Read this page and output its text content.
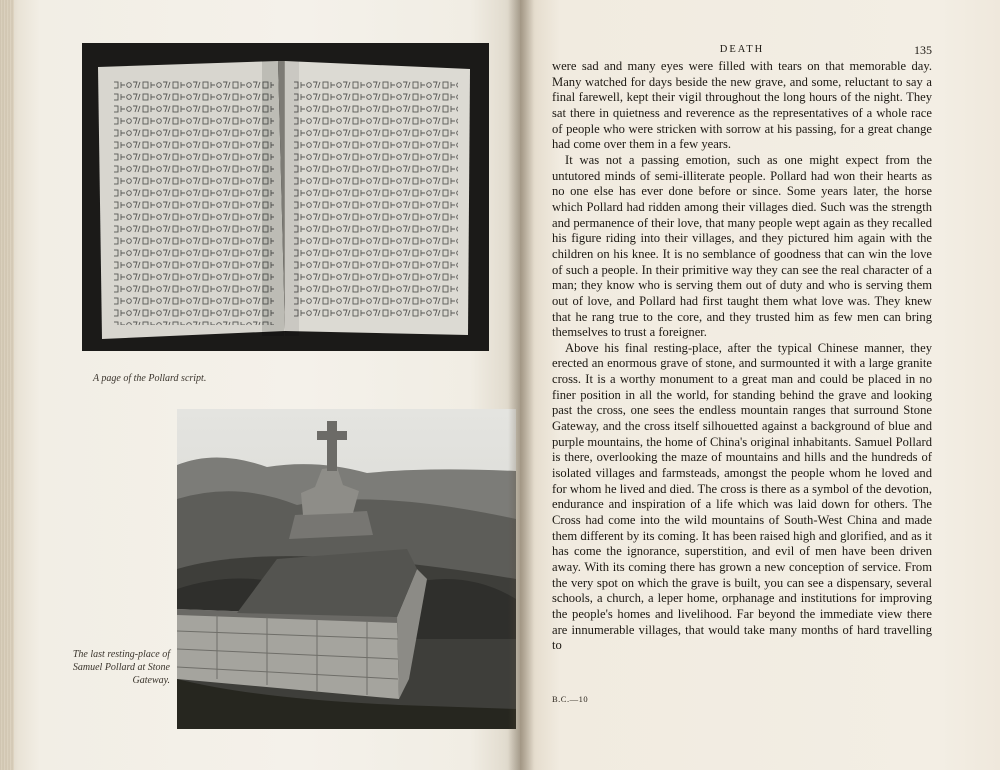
A page of the Pollard script.
The last resting-place of Samuel Pollard at Stone Gateway.
DEATH	135

were sad and many eyes were filled with tears on that memorable day. Many watched for days beside the new grave, and some, reluctant to say a final farewell, kept their vigil throughout the long hours of the night. They sat there in quietness and reverence as the representatives of a whole race of people who were stricken with sorrow at his passing, for a great change had come over them in a few years.

It was not a passing emotion, such as one might expect from the untutored minds of semi-illiterate people. Pollard had won their hearts as no one else has ever done before or since. Some years later, the horse which Pollard had ridden among their villages died. Such was the strength and permanence of their love, that many people wept again as they recalled his figure riding into their villages, and they pictured him again with the children on his knee. It is no semblance of goodness that can win the love of such a people. In their primitive way they can see the real character of a man; they know who is serving them out of duty and who is serving them out of love, and Pollard had first taught them what love was. They knew that he rang true to the core, and they trusted him as few men can bring themselves to trust a foreigner.

Above his final resting-place, after the typical Chinese manner, they erected an enormous grave of stone, and surmounted it with a large granite cross. It is a worthy monument to a great man and could be placed in no finer position in all the world, for standing behind the grave and looking past the cross, one sees the endless mountain ranges that surround Stone Gateway, and the cross itself silhouetted against a background of blue and purple mountains, the home of China's original inhabitants. Samuel Pollard is there, overlooking the maze of mountains and hills and the hundreds of isolated villages and farmsteads, amongst the people whom he loved and for whom he lived and died. The cross is there as a symbol of the devotion, endurance and inspiration of a life which was laid down for others. The Cross had come into the wild mountains of South-West China and made them different by its coming. It has been raised high and glorified, and as it has come the ignorance, superstition, and evil of men have been driven away. With its coming there has grown a new conception of service. From the very spot on which the grave is built, you can see a dispensary, several schools, a church, a leper home, orphanage and institutions for improving the people's homes and livelihood. Far beyond the immediate view there are innumerable villages, that would take many months of hard travelling to

B.C.—10
